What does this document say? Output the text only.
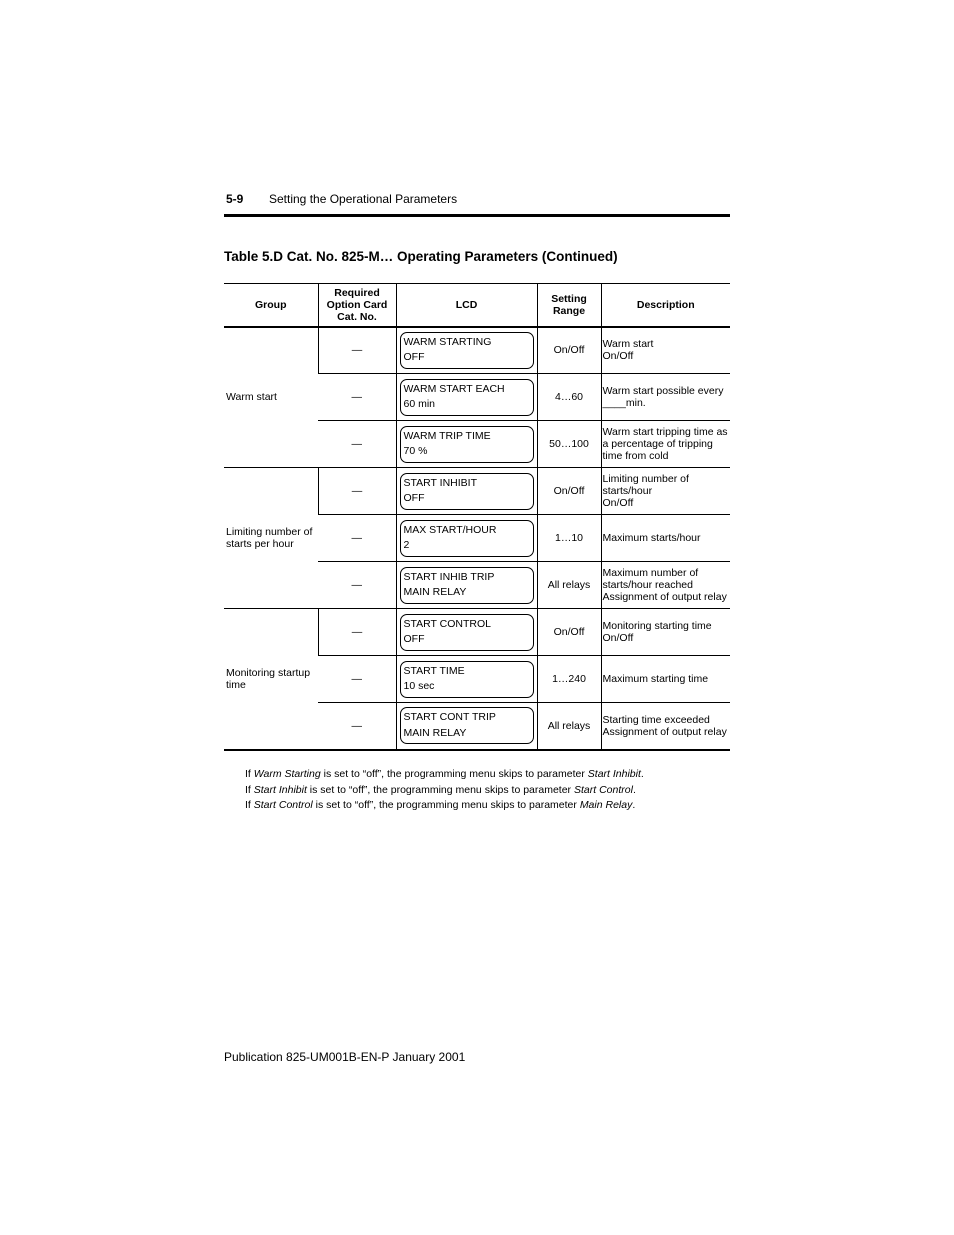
5-9 Setting the Operational Parameters
Table 5.D Cat. No. 825-M… Operating Parameters (Continued)
Group	Required
Option Card
Cat. No.	LCD	Setting
Range	Description

Warm start	—	WARM STARTING
OFF	On/Off	Warm start
On/Off

	—	WARM START EACH
60 min	4…60	Warm start possible every
____min.

	—	WARM TRIP TIME
70 %	50…100	Warm start tripping time as
a percentage of tripping
time from cold

Limiting number of
starts per hour	—	START INHIBIT
OFF	On/Off	Limiting number of
starts/hour
On/Off

	—	MAX START/HOUR
2	1…10	Maximum starts/hour

	—	START INHIB TRIP
MAIN RELAY	All relays	Maximum number of
starts/hour reached
Assignment of output relay

Monitoring startup
time	—	START CONTROL
OFF	On/Off	Monitoring starting time
On/Off

	—	START TIME
10 sec	1…240	Maximum starting time

	—	START CONT TRIP
MAIN RELAY	All relays	Starting time exceeded
Assignment of output relay
If Warm Starting is set to “off”, the programming menu skips to parameter Start Inhibit.
If Start Inhibit is set to “off”, the programming menu skips to parameter Start Control.
If Start Control is set to “off”, the programming menu skips to parameter Main Relay.
Publication 825-UM001B-EN-P January 2001
